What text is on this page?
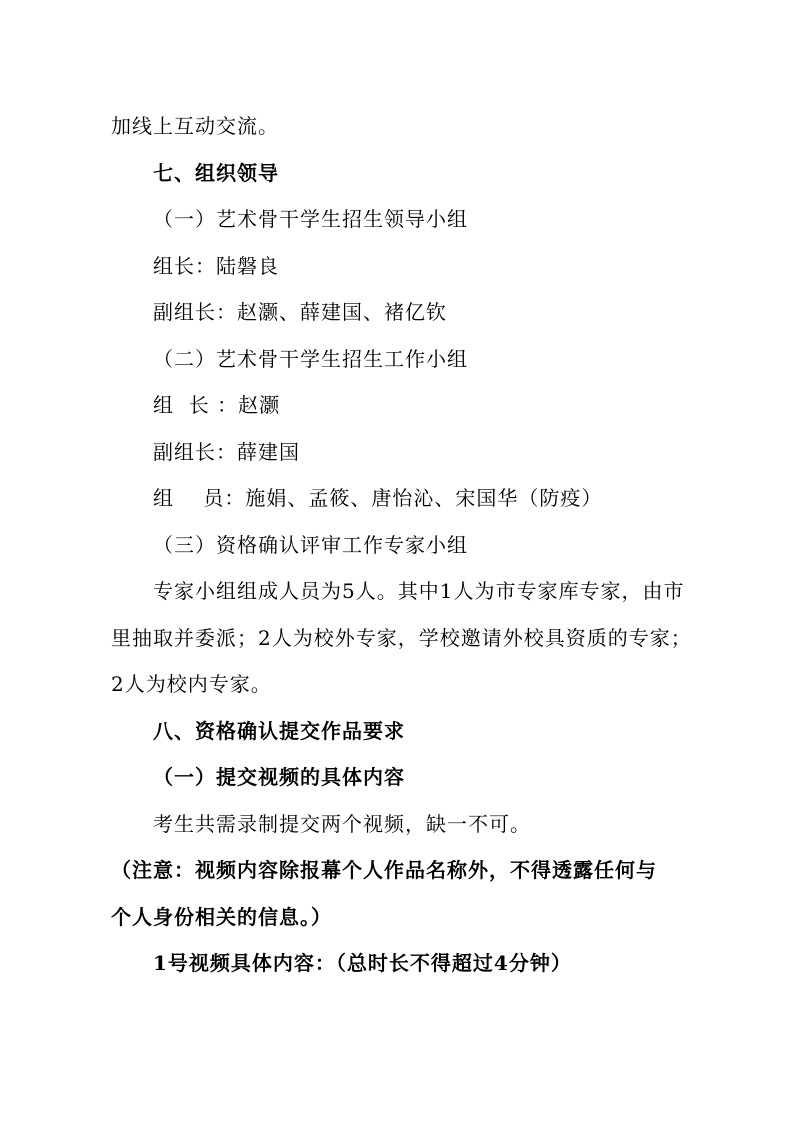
加线上互动交流。
七、组织领导
（一）艺术骨干学生招生领导小组
组长：陆磐良
副组长：赵灏、薛建国、褚亿钦
（二）艺术骨干学生招生工作小组
组  长 ：赵灏
副组长：薛建国
组    员：施娟、孟筱、唐怡沁、宋国华（防疫）
（三）资格确认评审工作专家小组
专家小组组成人员为5人。其中1人为市专家库专家，由市
里抽取并委派；2人为校外专家，学校邀请外校具资质的专家；
2人为校内专家。
八、资格确认提交作品要求
（一）提交视频的具体内容
考生共需录制提交两个视频，缺一不可。
（注意：视频内容除报幕个人作品名称外，不得透露任何与
个人身份相关的信息。）
1号视频具体内容：（总时长不得超过4分钟）
